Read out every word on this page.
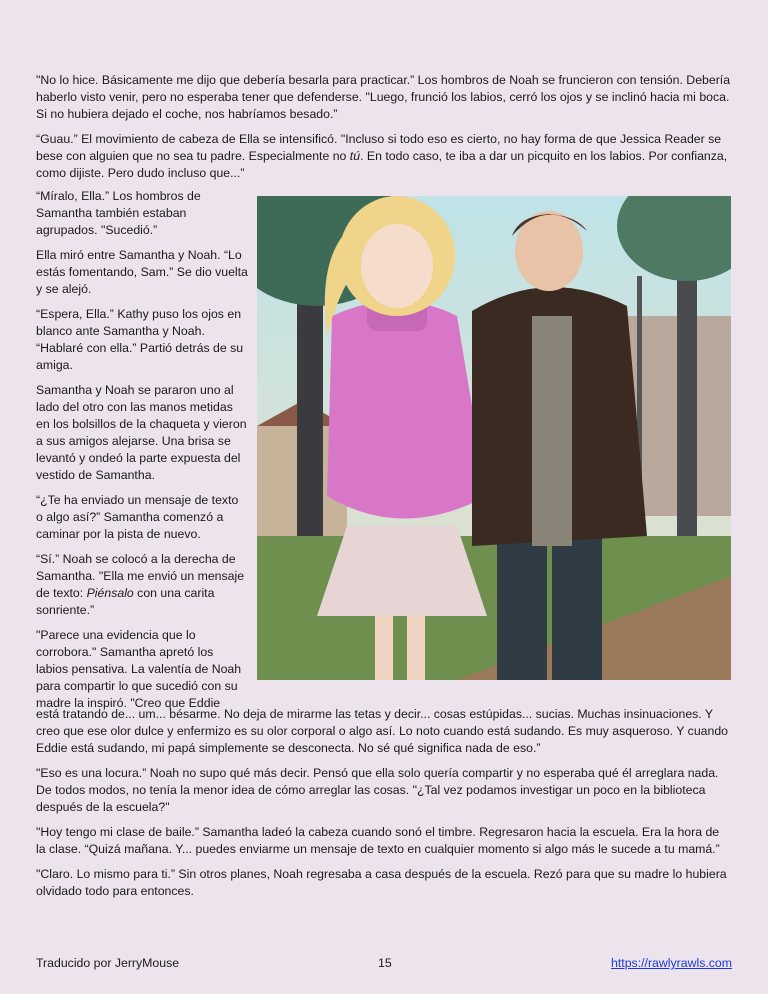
"No lo hice. Básicamente me dijo que debería besarla para practicar.” Los hombros de Noah se fruncieron con tensión. Debería haberlo visto venir, pero no esperaba tener que defenderse. "Luego, frunció los labios, cerró los ojos y se inclinó hacia mi boca. Si no hubiera dejado el coche, nos habríamos besado.”

“Guau.” El movimiento de cabeza de Ella se intensificó. "Incluso si todo eso es cierto, no hay forma de que Jessica Reader se bese con alguien que no sea tu padre. Especialmente no tú. En todo caso, te iba a dar un picquito en los labios. Por confianza, como dijiste. Pero dudo incluso que...”

“Míralo, Ella.” Los hombros de Samantha también estaban agrupados. "Sucedió.”

Ella miró entre Samantha y Noah. “Lo estás fomentando, Sam.” Se dio vuelta y se alejó.

“Espera, Ella.” Kathy puso los ojos en blanco ante Samantha y Noah. “Hablaré con ella.” Partió detrás de su amiga.

Samantha y Noah se pararon uno al lado del otro con las manos metidas en los bolsillos de la chaqueta y vieron a sus amigos alejarse. Una brisa se levantó y ondeó la parte expuesta del vestido de Samantha.

“¿Te ha enviado un mensaje de texto o algo así?” Samantha comenzó a caminar por la pista de nuevo.

“Sí.” Noah se colocó a la derecha de Samantha. "Ella me envió un mensaje de texto: Piénsalo con una carita sonriente.”

"Parece una evidencia que lo corrobora." Samantha apretó los labios pensativa. La valentía de Noah para compartir lo que sucedió con su madre la inspiró. "Creo que Eddie

está tratando de... um... bésarme. No deja de mirarme las tetas y decir... cosas estúpidas... sucias. Muchas insinuaciones. Y creo que ese olor dulce y enfermizo es su olor corporal o algo así. Lo noto cuando está sudando. Es muy asqueroso. Y cuando Eddie está sudando, mi papá simplemente se desconecta. No sé qué significa nada de eso.”

"Eso es una locura.” Noah no supo qué más decir. Pensó que ella solo quería compartir y no esperaba qué él arreglara nada. De todos modos, no tenía la menor idea de cómo arreglar las cosas. "¿Tal vez podamos investigar un poco en la biblioteca después de la escuela?"

"Hoy tengo mi clase de baile.” Samantha ladeó la cabeza cuando sonó el timbre. Regresaron hacia la escuela. Era la hora de la clase. “Quizá mañana. Y... puedes enviarme un mensaje de texto en cualquier momento si algo más le sucede a tu mamá.”

"Claro. Lo mismo para ti.” Sin otros planes, Noah regresaba a casa después de la escuela. Rezó para que su madre lo hubiera olvidado todo para entonces.

Traducido por JerryMouse	15	https://rawlyrawls.com
